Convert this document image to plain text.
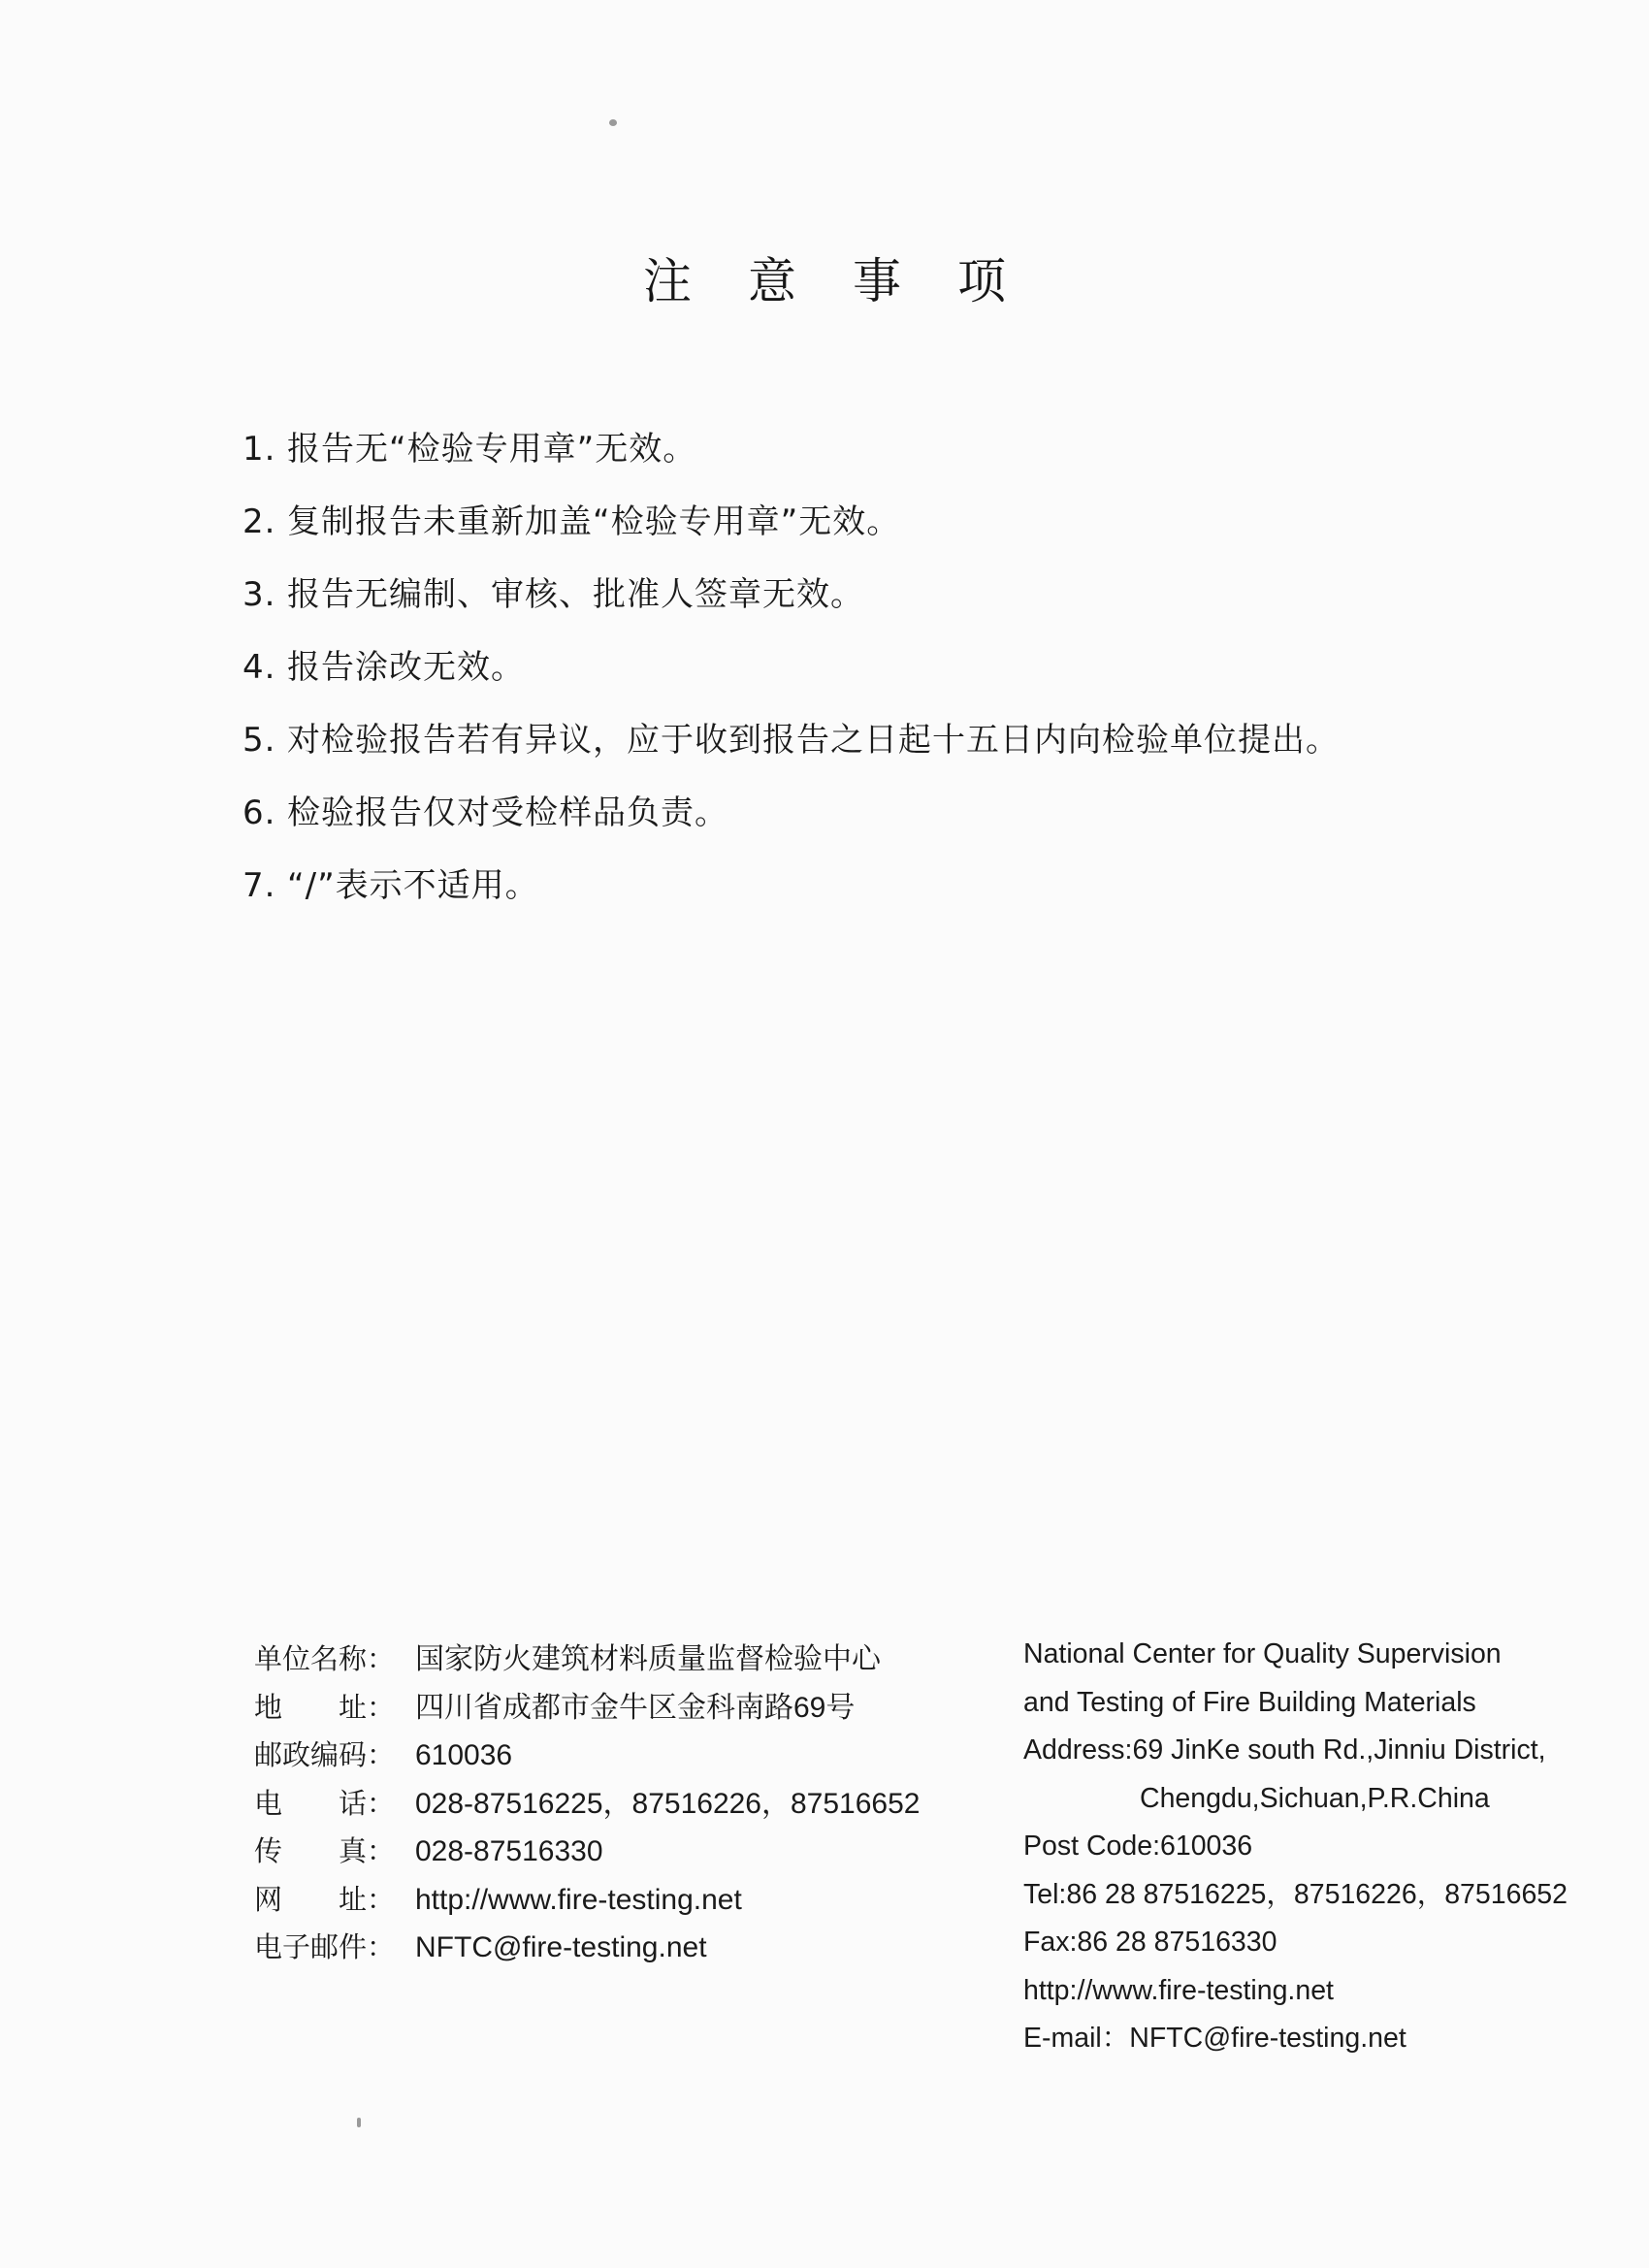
注意事项
1. 报告无“检验专用章”无效。
2. 复制报告未重新加盖“检验专用章”无效。
3. 报告无编制、审核、批准人签章无效。
4. 报告涂改无效。
5. 对检验报告若有异议，应于收到报告之日起十五日内向检验单位提出。
6. 检验报告仅对受检样品负责。
7. “/”表示不适用。
单位名称： 国家防火建筑材料质量监督检验中心
地　　址： 四川省成都市金牛区金科南路69号
邮政编码： 610036
电　　话： 028-87516225，87516226，87516652
传　　真： 028-87516330
网　　址： http://www.fire-testing.net
电子邮件： NFTC@fire-testing.net
National Center for Quality Supervision
and Testing of Fire Building Materials
Address:69 JinKe south Rd.,Jinniu District,
Chengdu,Sichuan,P.R.China
Post Code:610036
Tel:86 28 87516225，87516226，87516652
Fax:86 28 87516330
http://www.fire-testing.net
E-mail：NFTC@fire-testing.net
